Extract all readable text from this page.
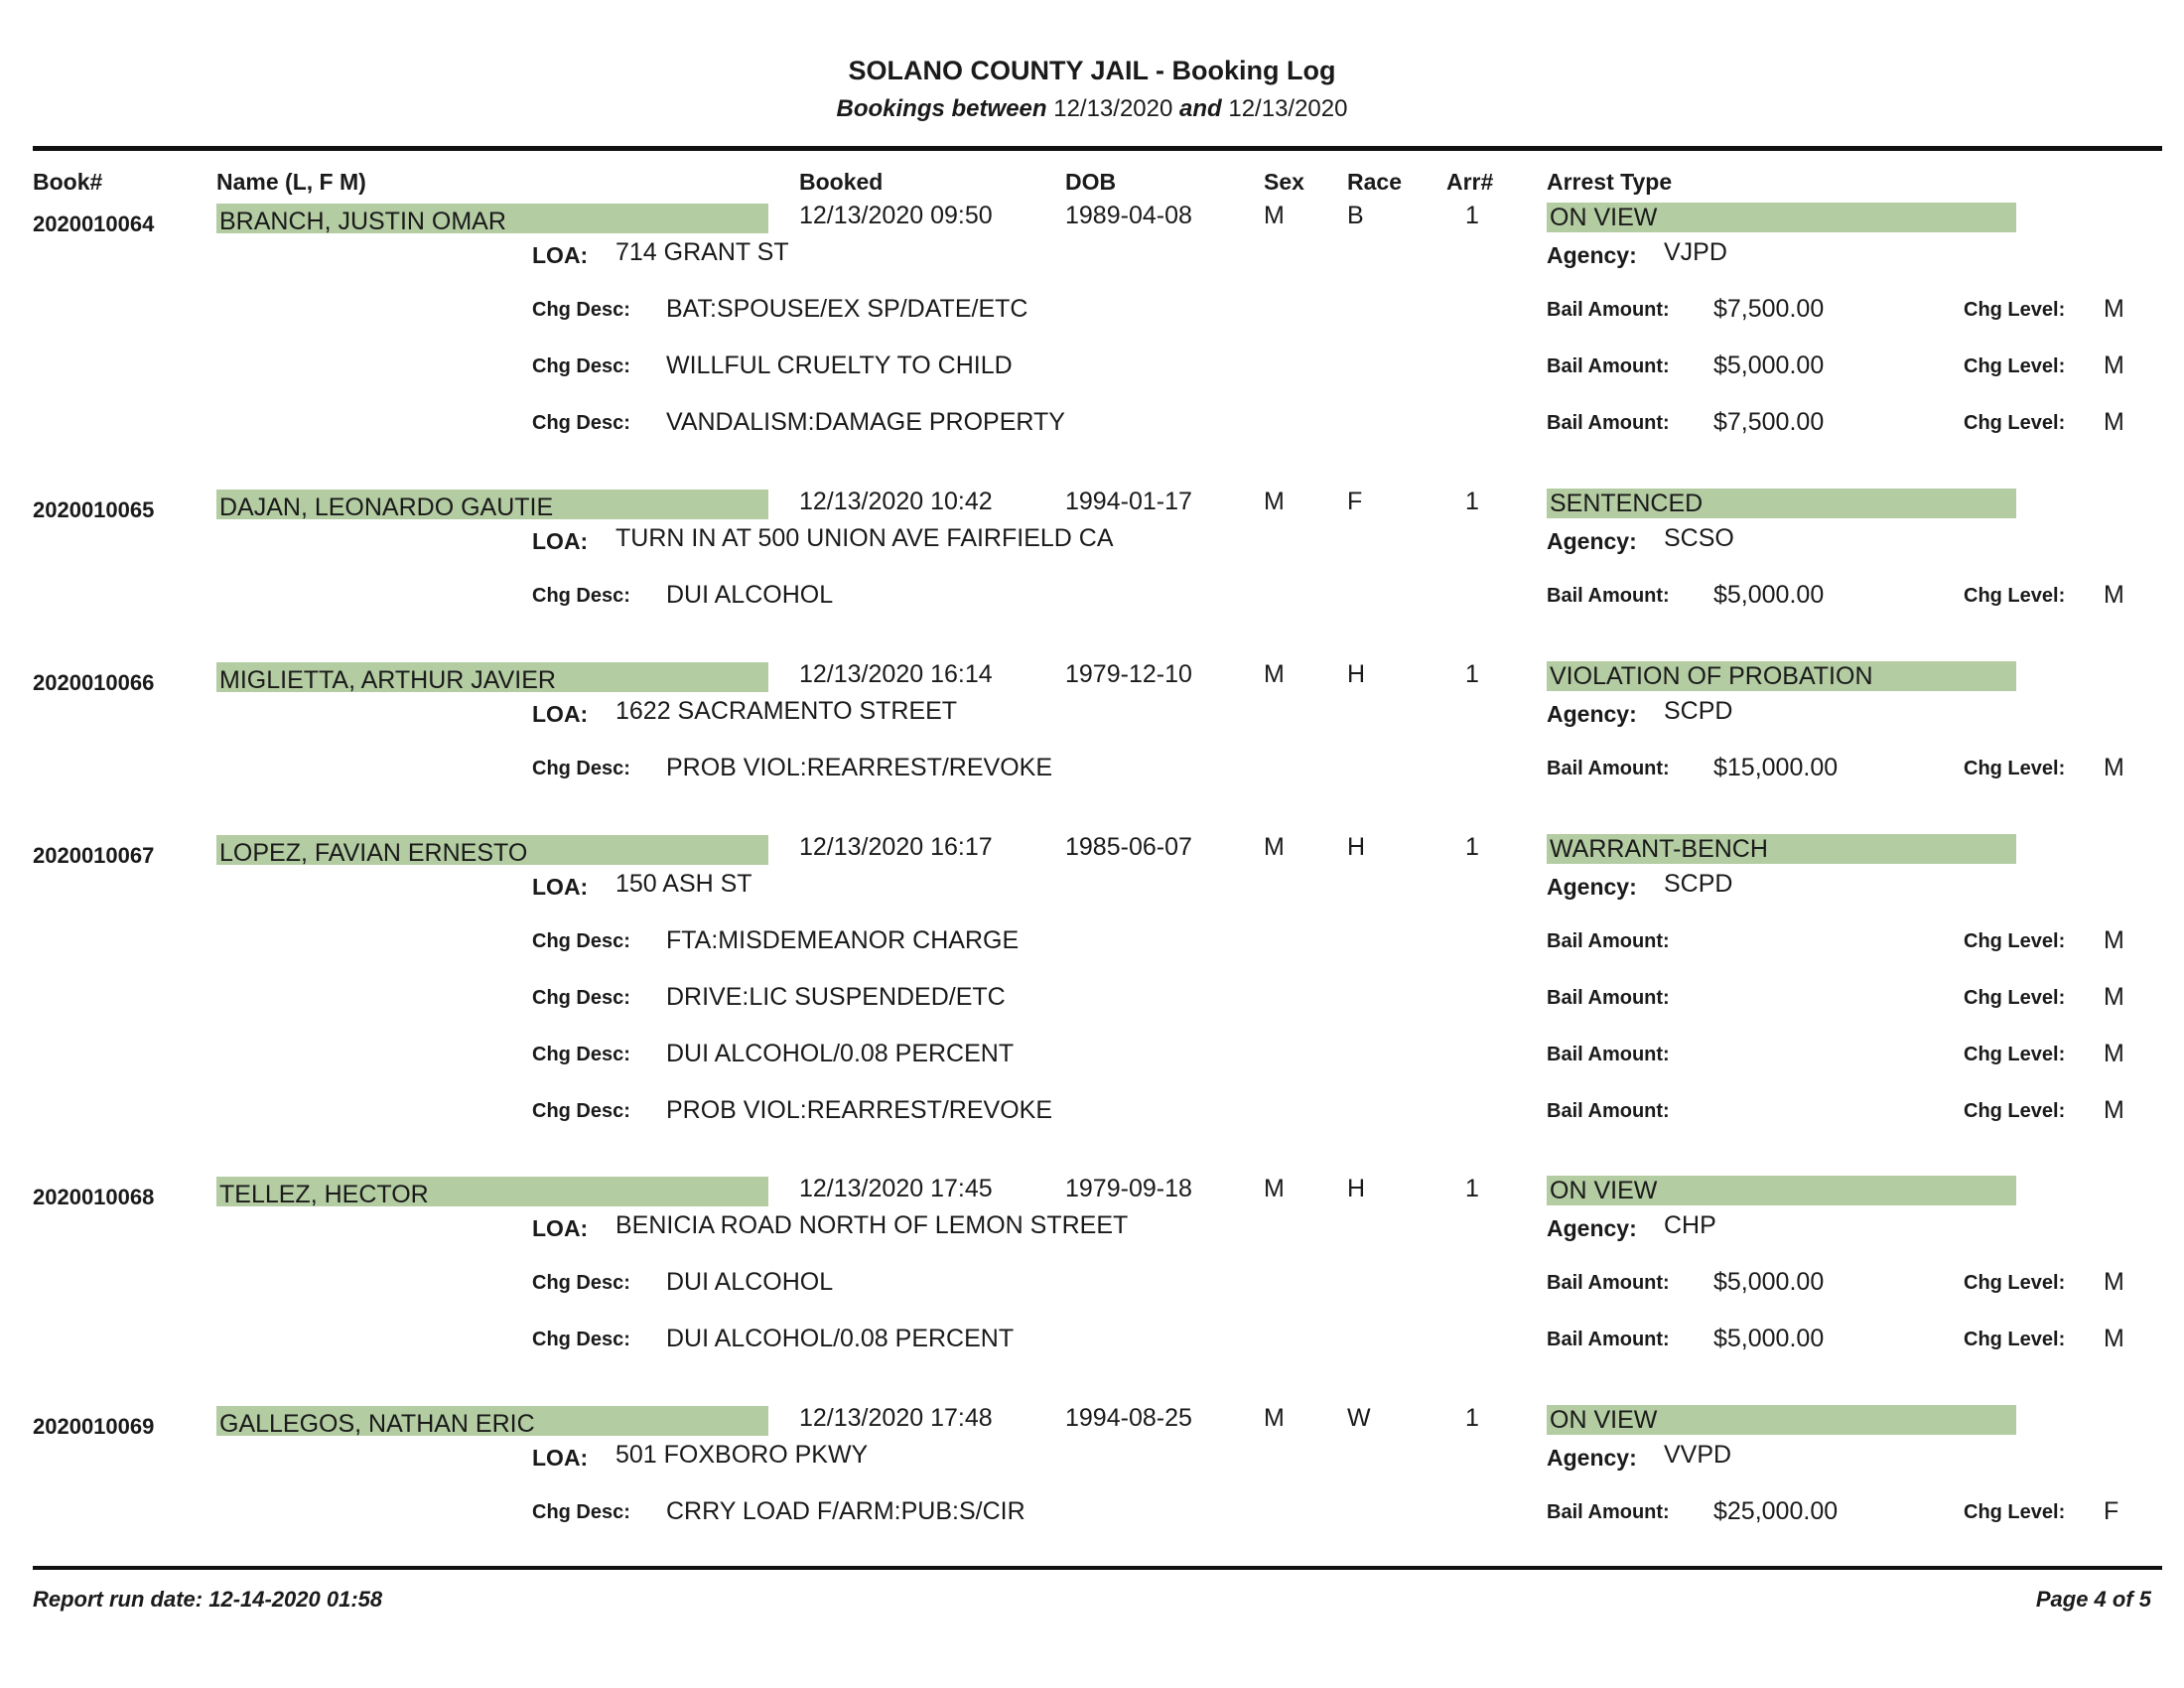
SOLANO COUNTY JAIL - Booking Log
Bookings between 12/13/2020 and 12/13/2020
Book#	Name (L, F M)	Booked	DOB	Sex Race Arr# Arrest Type
2020010064	BRANCH, JUSTIN OMAR	12/13/2020 09:50	1989-04-08	M	B	1	ON VIEW
LOA: 714 GRANT ST	Agency: VJPD
Chg Desc: BAT:SPOUSE/EX SP/DATE/ETC	Bail Amount: $7,500.00	Chg Level: M
Chg Desc: WILLFUL CRUELTY TO CHILD	Bail Amount: $5,000.00	Chg Level: M
Chg Desc: VANDALISM:DAMAGE PROPERTY	Bail Amount: $7,500.00	Chg Level: M
2020010065	DAJAN, LEONARDO GAUTIE	12/13/2020 10:42	1994-01-17	M	F	1	SENTENCED
LOA: TURN IN AT 500 UNION AVE FAIRFIELD CA	Agency: SCSO
Chg Desc: DUI ALCOHOL	Bail Amount: $5,000.00	Chg Level: M
2020010066	MIGLIETTA, ARTHUR JAVIER	12/13/2020 16:14	1979-12-10	M	H	1	VIOLATION OF PROBATION
LOA: 1622 SACRAMENTO STREET	Agency: SCPD
Chg Desc: PROB VIOL:REARREST/REVOKE	Bail Amount: $15,000.00	Chg Level: M
2020010067	LOPEZ, FAVIAN ERNESTO	12/13/2020 16:17	1985-06-07	M	H	1	WARRANT-BENCH
LOA: 150 ASH ST	Agency: SCPD
Chg Desc: FTA:MISDEMEANOR CHARGE	Bail Amount:	Chg Level: M
Chg Desc: DRIVE:LIC SUSPENDED/ETC	Bail Amount:	Chg Level: M
Chg Desc: DUI ALCOHOL/0.08 PERCENT	Bail Amount:	Chg Level: M
Chg Desc: PROB VIOL:REARREST/REVOKE	Bail Amount:	Chg Level: M
2020010068	TELLEZ, HECTOR	12/13/2020 17:45	1979-09-18	M	H	1	ON VIEW
LOA: BENICIA ROAD NORTH OF LEMON STREET	Agency: CHP
Chg Desc: DUI ALCOHOL	Bail Amount: $5,000.00	Chg Level: M
Chg Desc: DUI ALCOHOL/0.08 PERCENT	Bail Amount: $5,000.00	Chg Level: M
2020010069	GALLEGOS, NATHAN ERIC	12/13/2020 17:48	1994-08-25	M	W	1	ON VIEW
LOA: 501 FOXBORO PKWY	Agency: VVPD
Chg Desc: CRRY LOAD F/ARM:PUB:S/CIR	Bail Amount: $25,000.00	Chg Level: F
Report run date: 12-14-2020 01:58	Page 4 of 5
